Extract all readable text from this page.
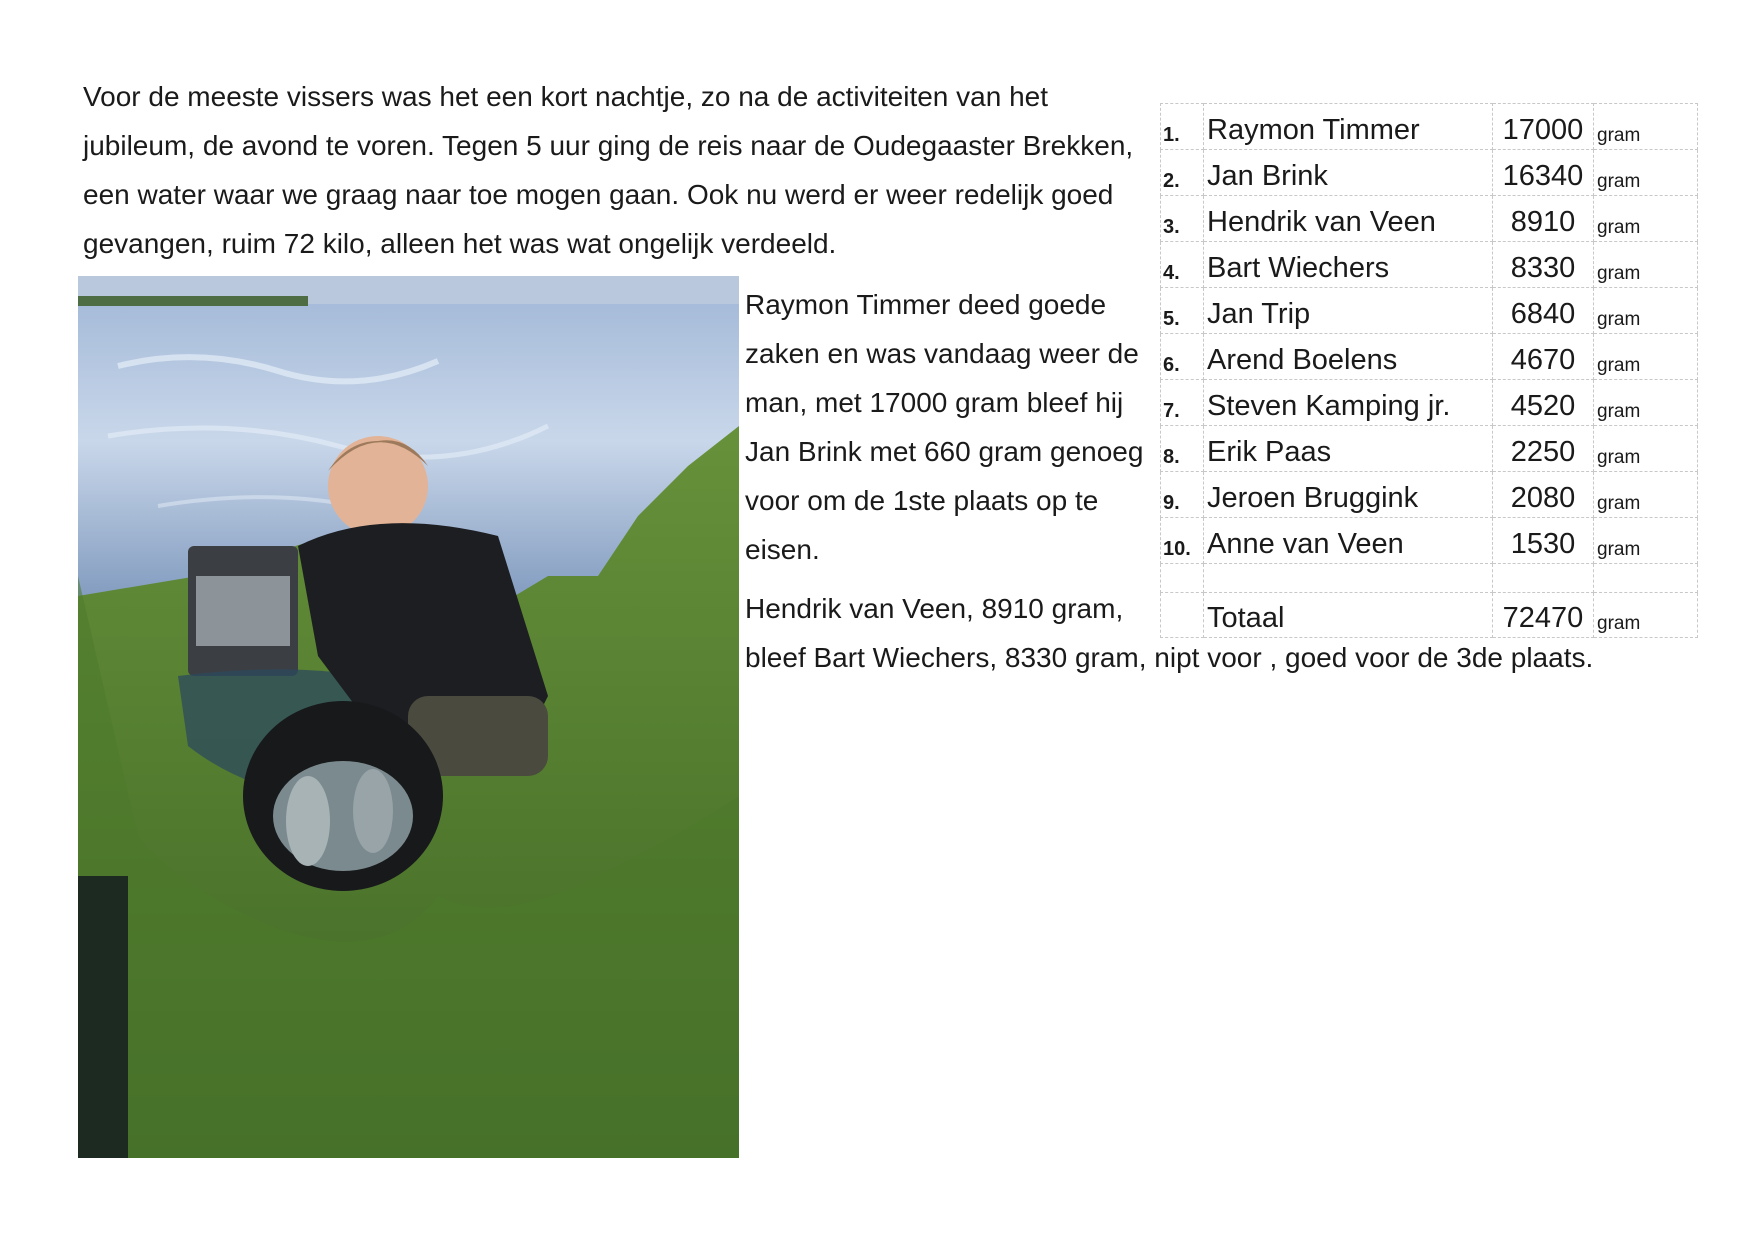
Voor de meeste vissers was het een kort nachtje, zo na de activiteiten van het jubileum, de avond te voren. Tegen 5 uur ging de reis naar de Oudegaaster Brekken, een water waar we graag naar toe mogen gaan. Ook nu werd er weer redelijk goed gevangen, ruim 72 kilo, alleen het was wat ongelijk verdeeld.

Raymon Timmer deed goede zaken en was vandaag weer de man, met 17000 gram bleef hij Jan Brink met 660 gram genoeg voor om de 1ste plaats op te eisen.

Hendrik van Veen, 8910 gram,

bleef Bart Wiechers, 8330 gram, nipt voor , goed voor de 3de plaats.

1.	Raymon Timmer	17000	gram
2.	Jan Brink	16340	gram
3.	Hendrik van Veen	8910	gram
4.	Bart Wiechers	8330	gram
5.	Jan Trip	6840	gram
6.	Arend Boelens	4670	gram
7.	Steven Kamping jr.	4520	gram
8.	Erik Paas	2250	gram
9.	Jeroen Bruggink	2080	gram
10.	Anne van Veen	1530	gram

	Totaal	72470	gram
